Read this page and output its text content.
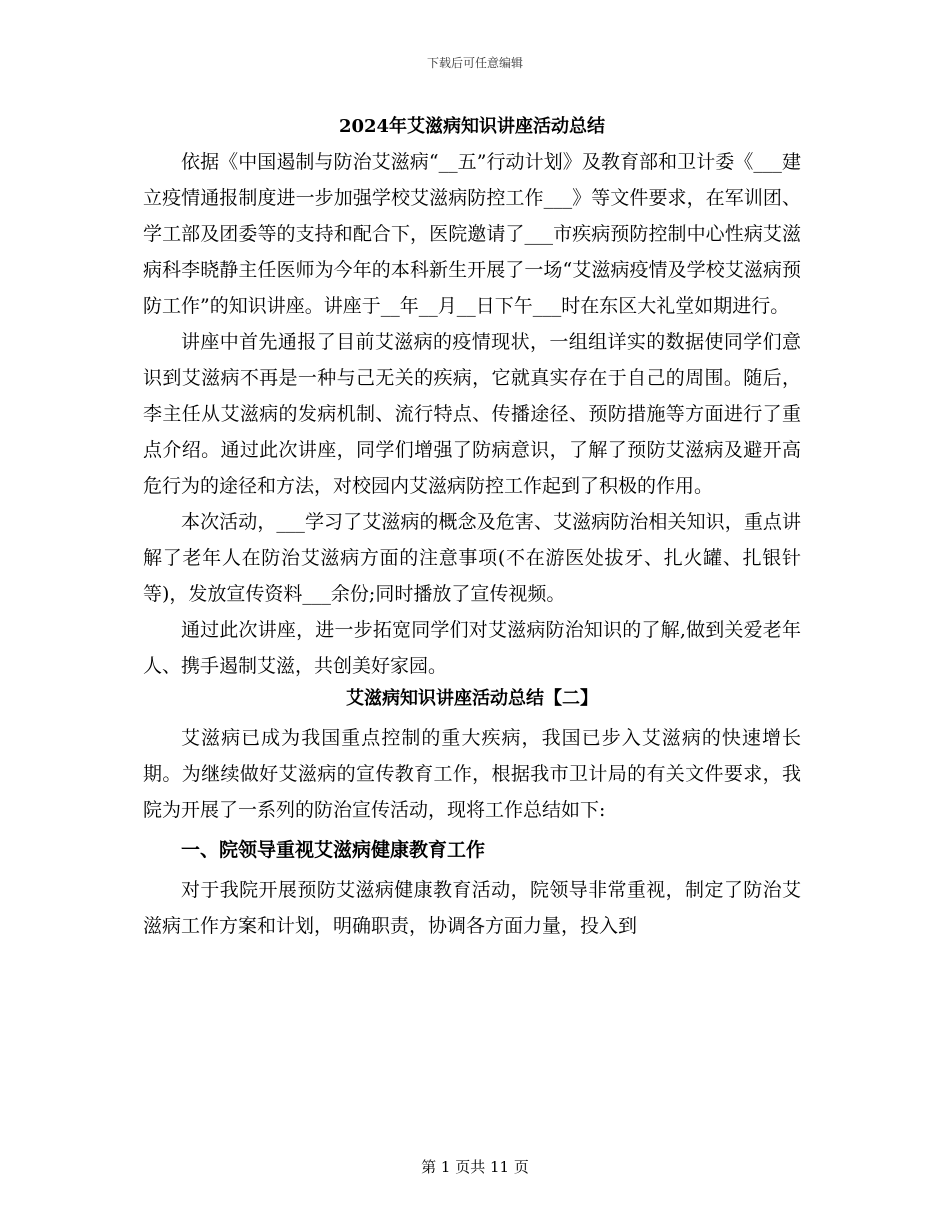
下载后可任意编辑
2024年艾滋病知识讲座活动总结

依据《中国遏制与防治艾滋病“__五”行动计划》及教育部和卫计委《___建立疫情通报制度进一步加强学校艾滋病防控工作___》等文件要求，在军训团、学工部及团委等的支持和配合下，医院邀请了___市疾病预防控制中心性病艾滋病科李晓静主任医师为今年的本科新生开展了一场“艾滋病疫情及学校艾滋病预防工作”的知识讲座。讲座于__年__月__日下午___时在东区大礼堂如期进行。

讲座中首先通报了目前艾滋病的疫情现状，一组组详实的数据使同学们意识到艾滋病不再是一种与己无关的疾病，它就真实存在于自己的周围。随后，李主任从艾滋病的发病机制、流行特点、传播途径、预防措施等方面进行了重点介绍。通过此次讲座，同学们增强了防病意识，了解了预防艾滋病及避开高危行为的途径和方法，对校园内艾滋病防控工作起到了积极的作用。

本次活动，___学习了艾滋病的概念及危害、艾滋病防治相关知识，重点讲解了老年人在防治艾滋病方面的注意事项(不在游医处拔牙、扎火罐、扎银针等)，发放宣传资料___余份;同时播放了宣传视频。

通过此次讲座，进一步拓宽同学们对艾滋病防治知识的了解,做到关爱老年人、携手遏制艾滋，共创美好家园。

艾滋病知识讲座活动总结【二】

艾滋病已成为我国重点控制的重大疾病，我国已步入艾滋病的快速增长期。为继续做好艾滋病的宣传教育工作，根据我市卫计局的有关文件要求，我院为开展了一系列的防治宣传活动，现将工作总结如下:

一、院领导重视艾滋病健康教育工作

对于我院开展预防艾滋病健康教育活动，院领导非常重视，制定了防治艾滋病工作方案和计划，明确职责，协调各方面力量，投入到

第 1 页共 11 页
